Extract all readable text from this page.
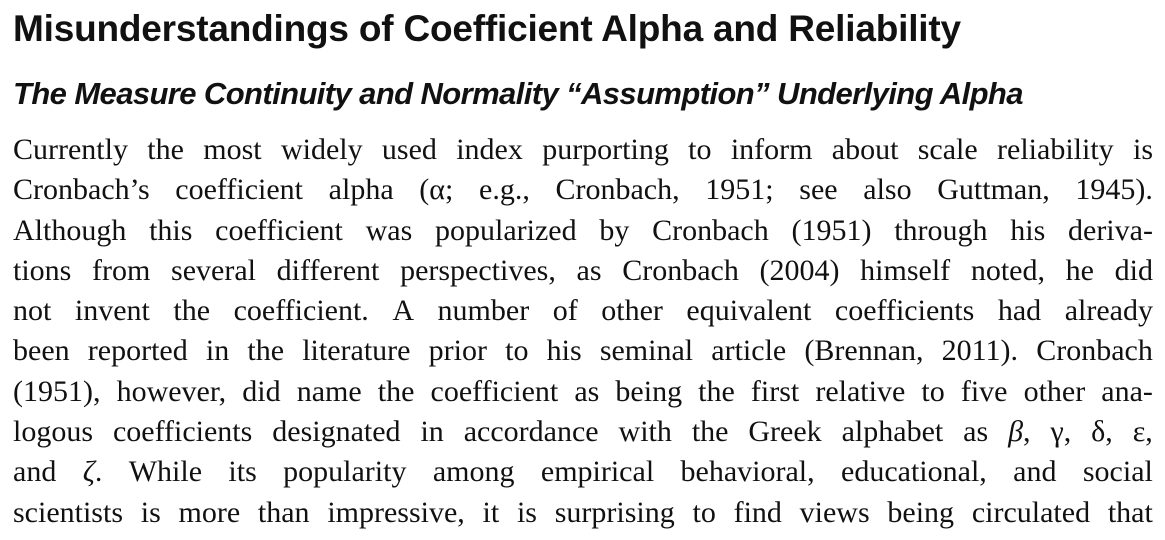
Misunderstandings of Coefficient Alpha and Reliability
The Measure Continuity and Normality “Assumption” Underlying Alpha
Currently the most widely used index purporting to inform about scale reliability is
Cronbach’s coefficient alpha (α; e.g., Cronbach, 1951; see also Guttman, 1945).
Although this coefficient was popularized by Cronbach (1951) through his deriva-
tions from several different perspectives, as Cronbach (2004) himself noted, he did
not invent the coefficient. A number of other equivalent coefficients had already
been reported in the literature prior to his seminal article (Brennan, 2011). Cronbach
(1951), however, did name the coefficient as being the first relative to five other ana-
logous coefficients designated in accordance with the Greek alphabet as β, γ, δ, ε,
and ζ. While its popularity among empirical behavioral, educational, and social
scientists is more than impressive, it is surprising to find views being circulated that
